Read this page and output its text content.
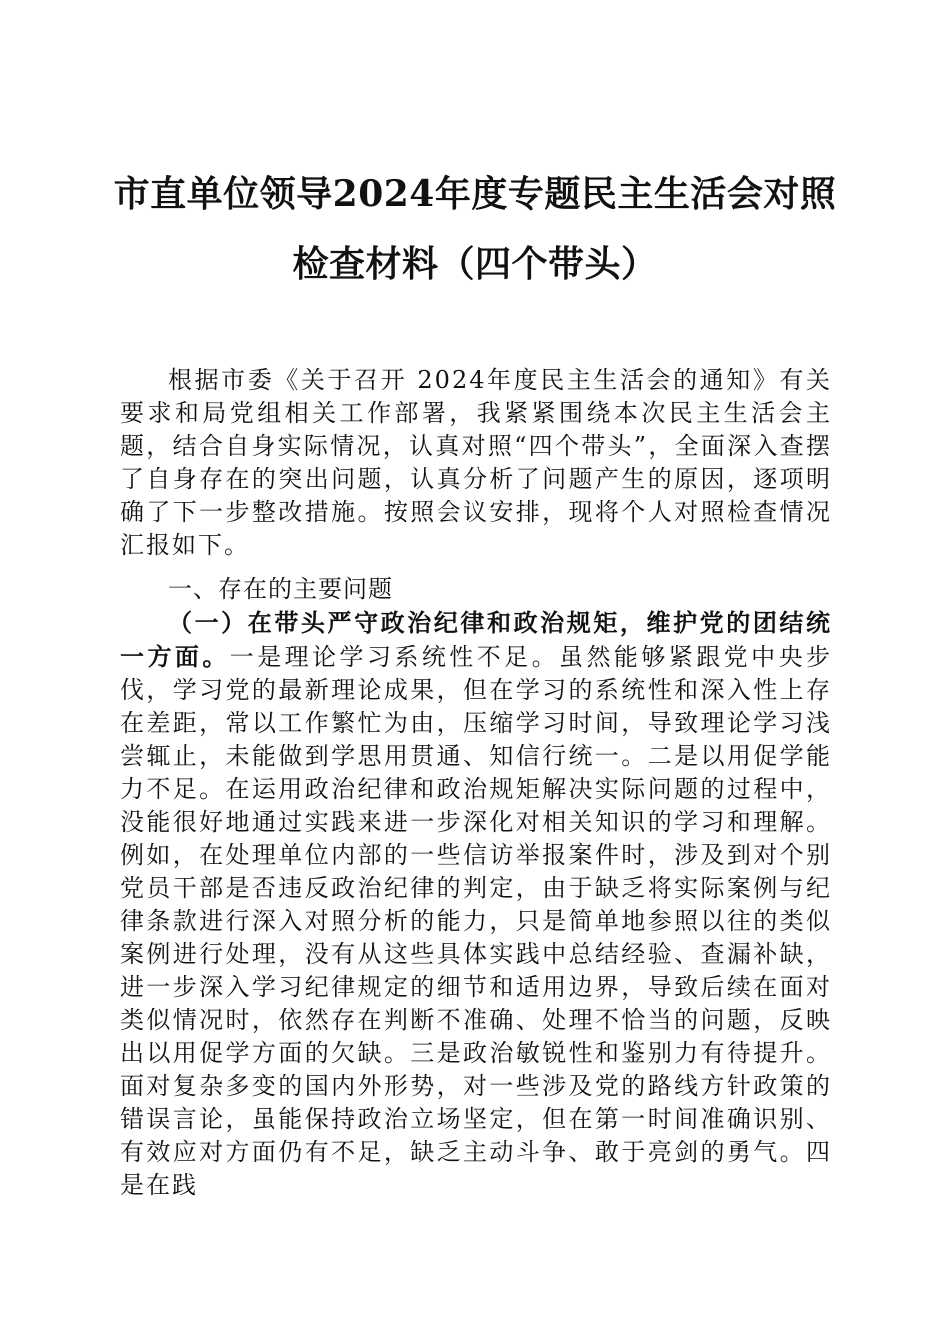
市直单位领导2024年度专题民主生活会对照
检查材料（四个带头）
根据市委《关于召开 2024年度民主生活会的通知》有关要求和局党组相关工作部署，我紧紧围绕本次民主生活会主题，结合自身实际情况，认真对照“四个带头”，全面深入查摆了自身存在的突出问题，认真分析了问题产生的原因，逐项明确了下一步整改措施。按照会议安排，现将个人对照检查情况汇报如下。
一、存在的主要问题
（一）在带头严守政治纪律和政治规矩，维护党的团结统一方面。一是理论学习系统性不足。虽然能够紧跟党中央步伐，学习党的最新理论成果，但在学习的系统性和深入性上存在差距，常以工作繁忙为由，压缩学习时间，导致理论学习浅尝辄止，未能做到学思用贯通、知信行统一。二是以用促学能力不足。在运用政治纪律和政治规矩解决实际问题的过程中，没能很好地通过实践来进一步深化对相关知识的学习和理解。例如，在处理单位内部的一些信访举报案件时，涉及到对个别党员干部是否违反政治纪律的判定，由于缺乏将实际案例与纪律条款进行深入对照分析的能力，只是简单地参照以往的类似案例进行处理，没有从这些具体实践中总结经验、查漏补缺，进一步深入学习纪律规定的细节和适用边界，导致后续在面对类似情况时，依然存在判断不准确、处理不恰当的问题，反映出以用促学方面的欠缺。三是政治敏锐性和鉴别力有待提升。面对复杂多变的国内外形势，对一些涉及党的路线方针政策的错误言论，虽能保持政治立场坚定，但在第一时间准确识别、有效应对方面仍有不足，缺乏主动斗争、敢于亮剑的勇气。四是在践
